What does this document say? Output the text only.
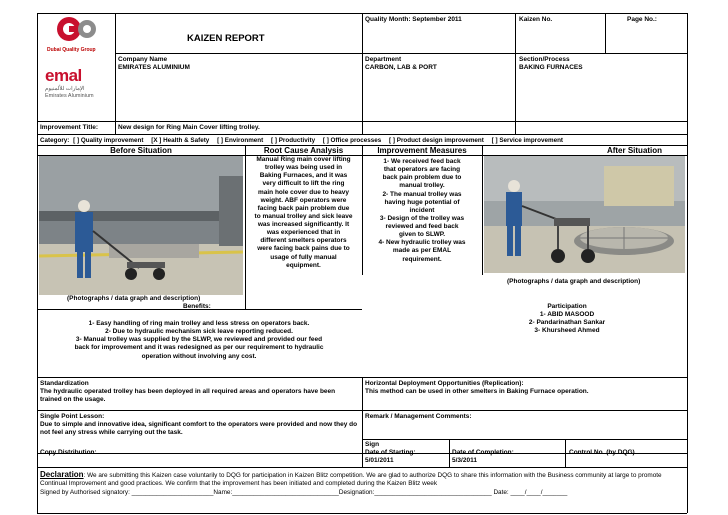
Dubai Quality Group
emal
الإمارات للألمنيوم
Emirates Aluminium
KAIZEN REPORT
Quality Month: September 2011	Kaizen No.	Page No.:
Company Name
EMIRATES ALUMINIUM
Department
CARBON, LAB & PORT
Section/Process
BAKING FURNACES
Improvement Title:	New design for Ring Main Cover lifting trolley.
Category: [ ] Quality improvement [X ] Health & Safety [ ] Environment [ ] Productivity [ ] Office processes [ ] Product design improvement [ ] Service improvement
Before Situation	Root Cause Analysis	Improvement Measures	After Situation
Manual Ring main cover lifting
trolley was being used in
Baking Furnaces, and it was
very difficult to lift the ring
main hole cover due to heavy
weight. ABF operators were
facing back pain problem due
to manual trolley and sick leave
was increased significantly. It
was experienced that in
different smelters operators
were facing back pains due to
usage of fully manual
equipment.
1- We received feed back
that operators are facing
back pain problem due to
manual trolley.
2- The manual trolley was
having huge potential of
incident
3- Design of the trolley was
reviewed and feed back
given to SLWP.
4- New hydraulic trolley was
made as per EMAL
requirement.
(Photographs / data graph and description)
(Photographs / data graph and description)
Benefits:
1- Easy handling of ring main trolley and less stress on operators back.
2- Due to hydraulic mechanism sick leave reporting reduced.
3- Manual trolley was supplied by the SLWP, we reviewed and provided our feed
back for improvement and it was redesigned as per our requirement to hydraulic
operation without involving any cost.
Participation
1- ABID MASOOD
2- Pandarinathan Sankar
3- Khursheed Ahmed
Standardization
The hydraulic operated trolley has been deployed in all required areas and operators have been trained on the usage.
Horizontal Deployment Opportunities (Replication):
This method can be used in other smelters in Baking Furnace operation.
Single Point Lesson:
Due to simple and innovative idea, significant comfort to the operators were provided and now they do not feel any stress while carrying out the task.
Remark / Management Comments:
Sign
Copy Distribution:	Date of Starting:
5/01/2011
Date of Completion:
5/3/2011
Control No. (by DQG)
Declaration: We are submitting this Kaizen case voluntarily to DQG for participation in Kaizen Blitz competition. We are glad to authorize DQG to share this information with the Business community at large to promote Continual Improvement and good practices. We confirm that the improvement has been initiated and completed during the Kaizen Blitz week
Signed by Authorised signatory: _______________________Name:______________________________Designation:_________________________________ Date: ____/____/_______
